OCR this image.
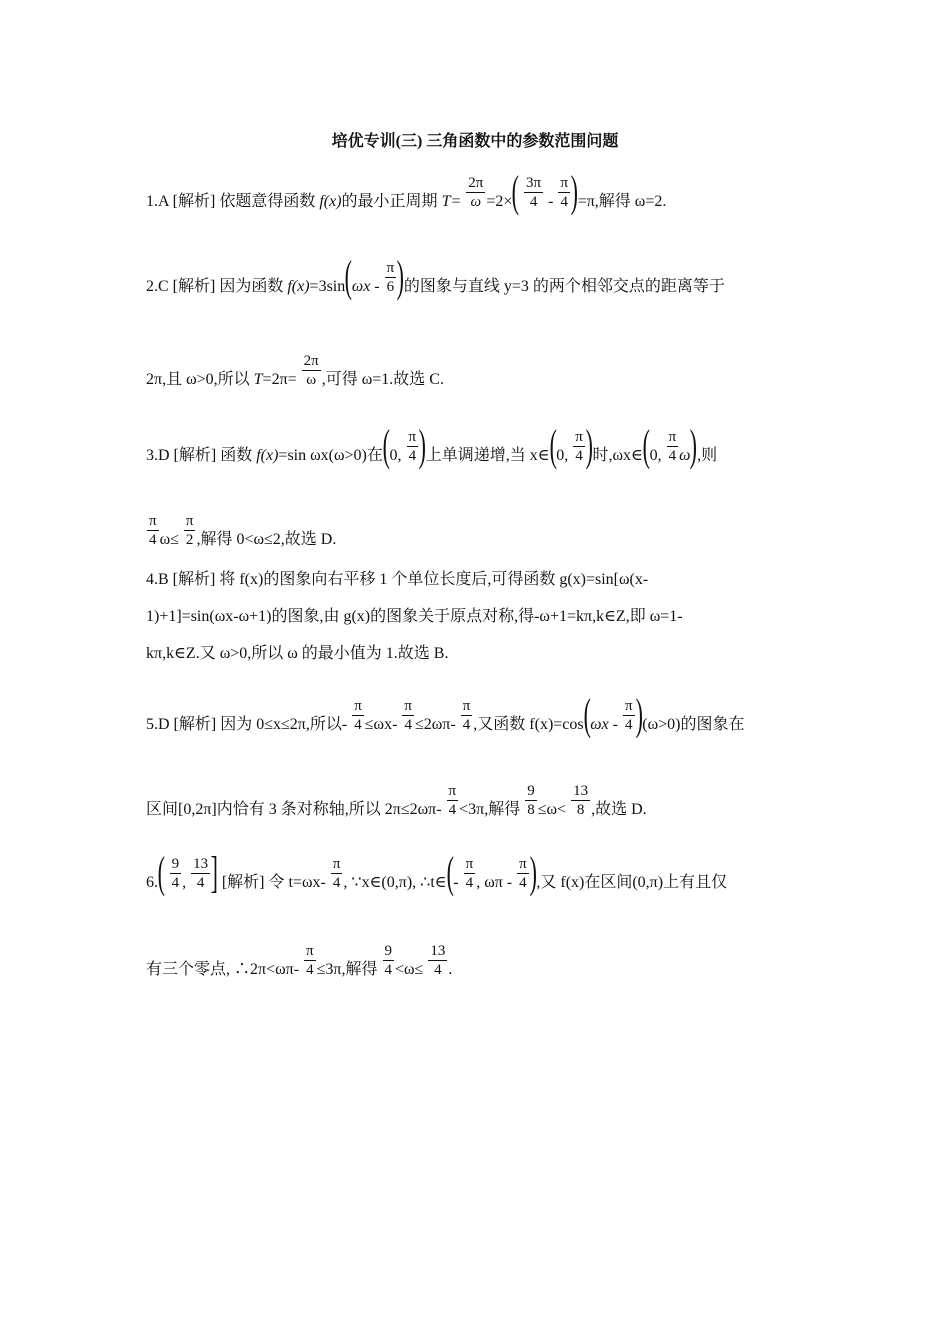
培优专训(三) 三角函数中的参数范围问题
1.A [解析] 依题意得函数 f(x)的最小正周期 $T= \frac{2\pi}{\omega} =2\times( \frac{3\pi}{4} - \frac{\pi}{4} )=\pi$,解得 ω=2.
2.C [解析] 因为函数 $f(x)=3\sin(\omega x - \frac{\pi}{6}$ )的图象与直线 y=3 的两个相邻交点的距离等于
2π,且 ω>0,所以 $T=2\pi= \frac{2\pi}{\omega}$ ,可得 ω=1.故选 C.
3.D [解析] 函数 f(x)=sin ωx(ω>0)在(0, $\frac{\pi}{4}$ )上单调递增,当 x∈(0, $\frac{\pi}{4}$ )时,ωx∈(0, $\frac{\pi}{4} \omega$),则
$\frac{\pi}{4} \omega\le \frac{\pi}{2}$ ,解得 0<ω≤2,故选 D.
4.B [解析] 将 f(x)的图象向右平移 1 个单位长度后,可得函数 g(x)=sin[ω(x-
1)+1]=sin(ωx-ω+1)的图象,由 g(x)的图象关于原点对称,得-ω+1=kπ,k∈Z,即 ω=1-
kπ,k∈Z.又 ω>0,所以 ω 的最小值为 1.故选 B.
5.D [解析] 因为 0≤x≤2π,所以- $\frac{\pi}{4} \le\omega x- \frac{\pi}{4} \le 2\omega\pi- \frac{\pi}{4}$ ,又函数 $f(x)=\cos(\omega x - \frac{\pi}{4} )(\omega>0)$的图象在
区间[0,2π]内恰有 3 条对称轴,所以 $2\pi\le 2\omega\pi- \frac{\pi}{4} <3\pi$,解得 $\frac{9}{8} \le\omega< \frac{13}{8}$ ,故选 D.
$6.( \frac{9}{4}$ , $\frac{13}{4}$ ] [解析] 令 $t=\omega x- \frac{\pi}{4}$ , ∵x∈(0,π), ∴t∈(- $\frac{\pi}{4}$ , ωπ - $\frac{\pi}{4}$ ),又 f(x)在区间(0,π)上有且仅
有三个零点, ∴2π<ωπ- $\frac{\pi}{4} \le 3\pi$,解得 $\frac{9}{4} <\omega\le \frac{13}{4}$ .
